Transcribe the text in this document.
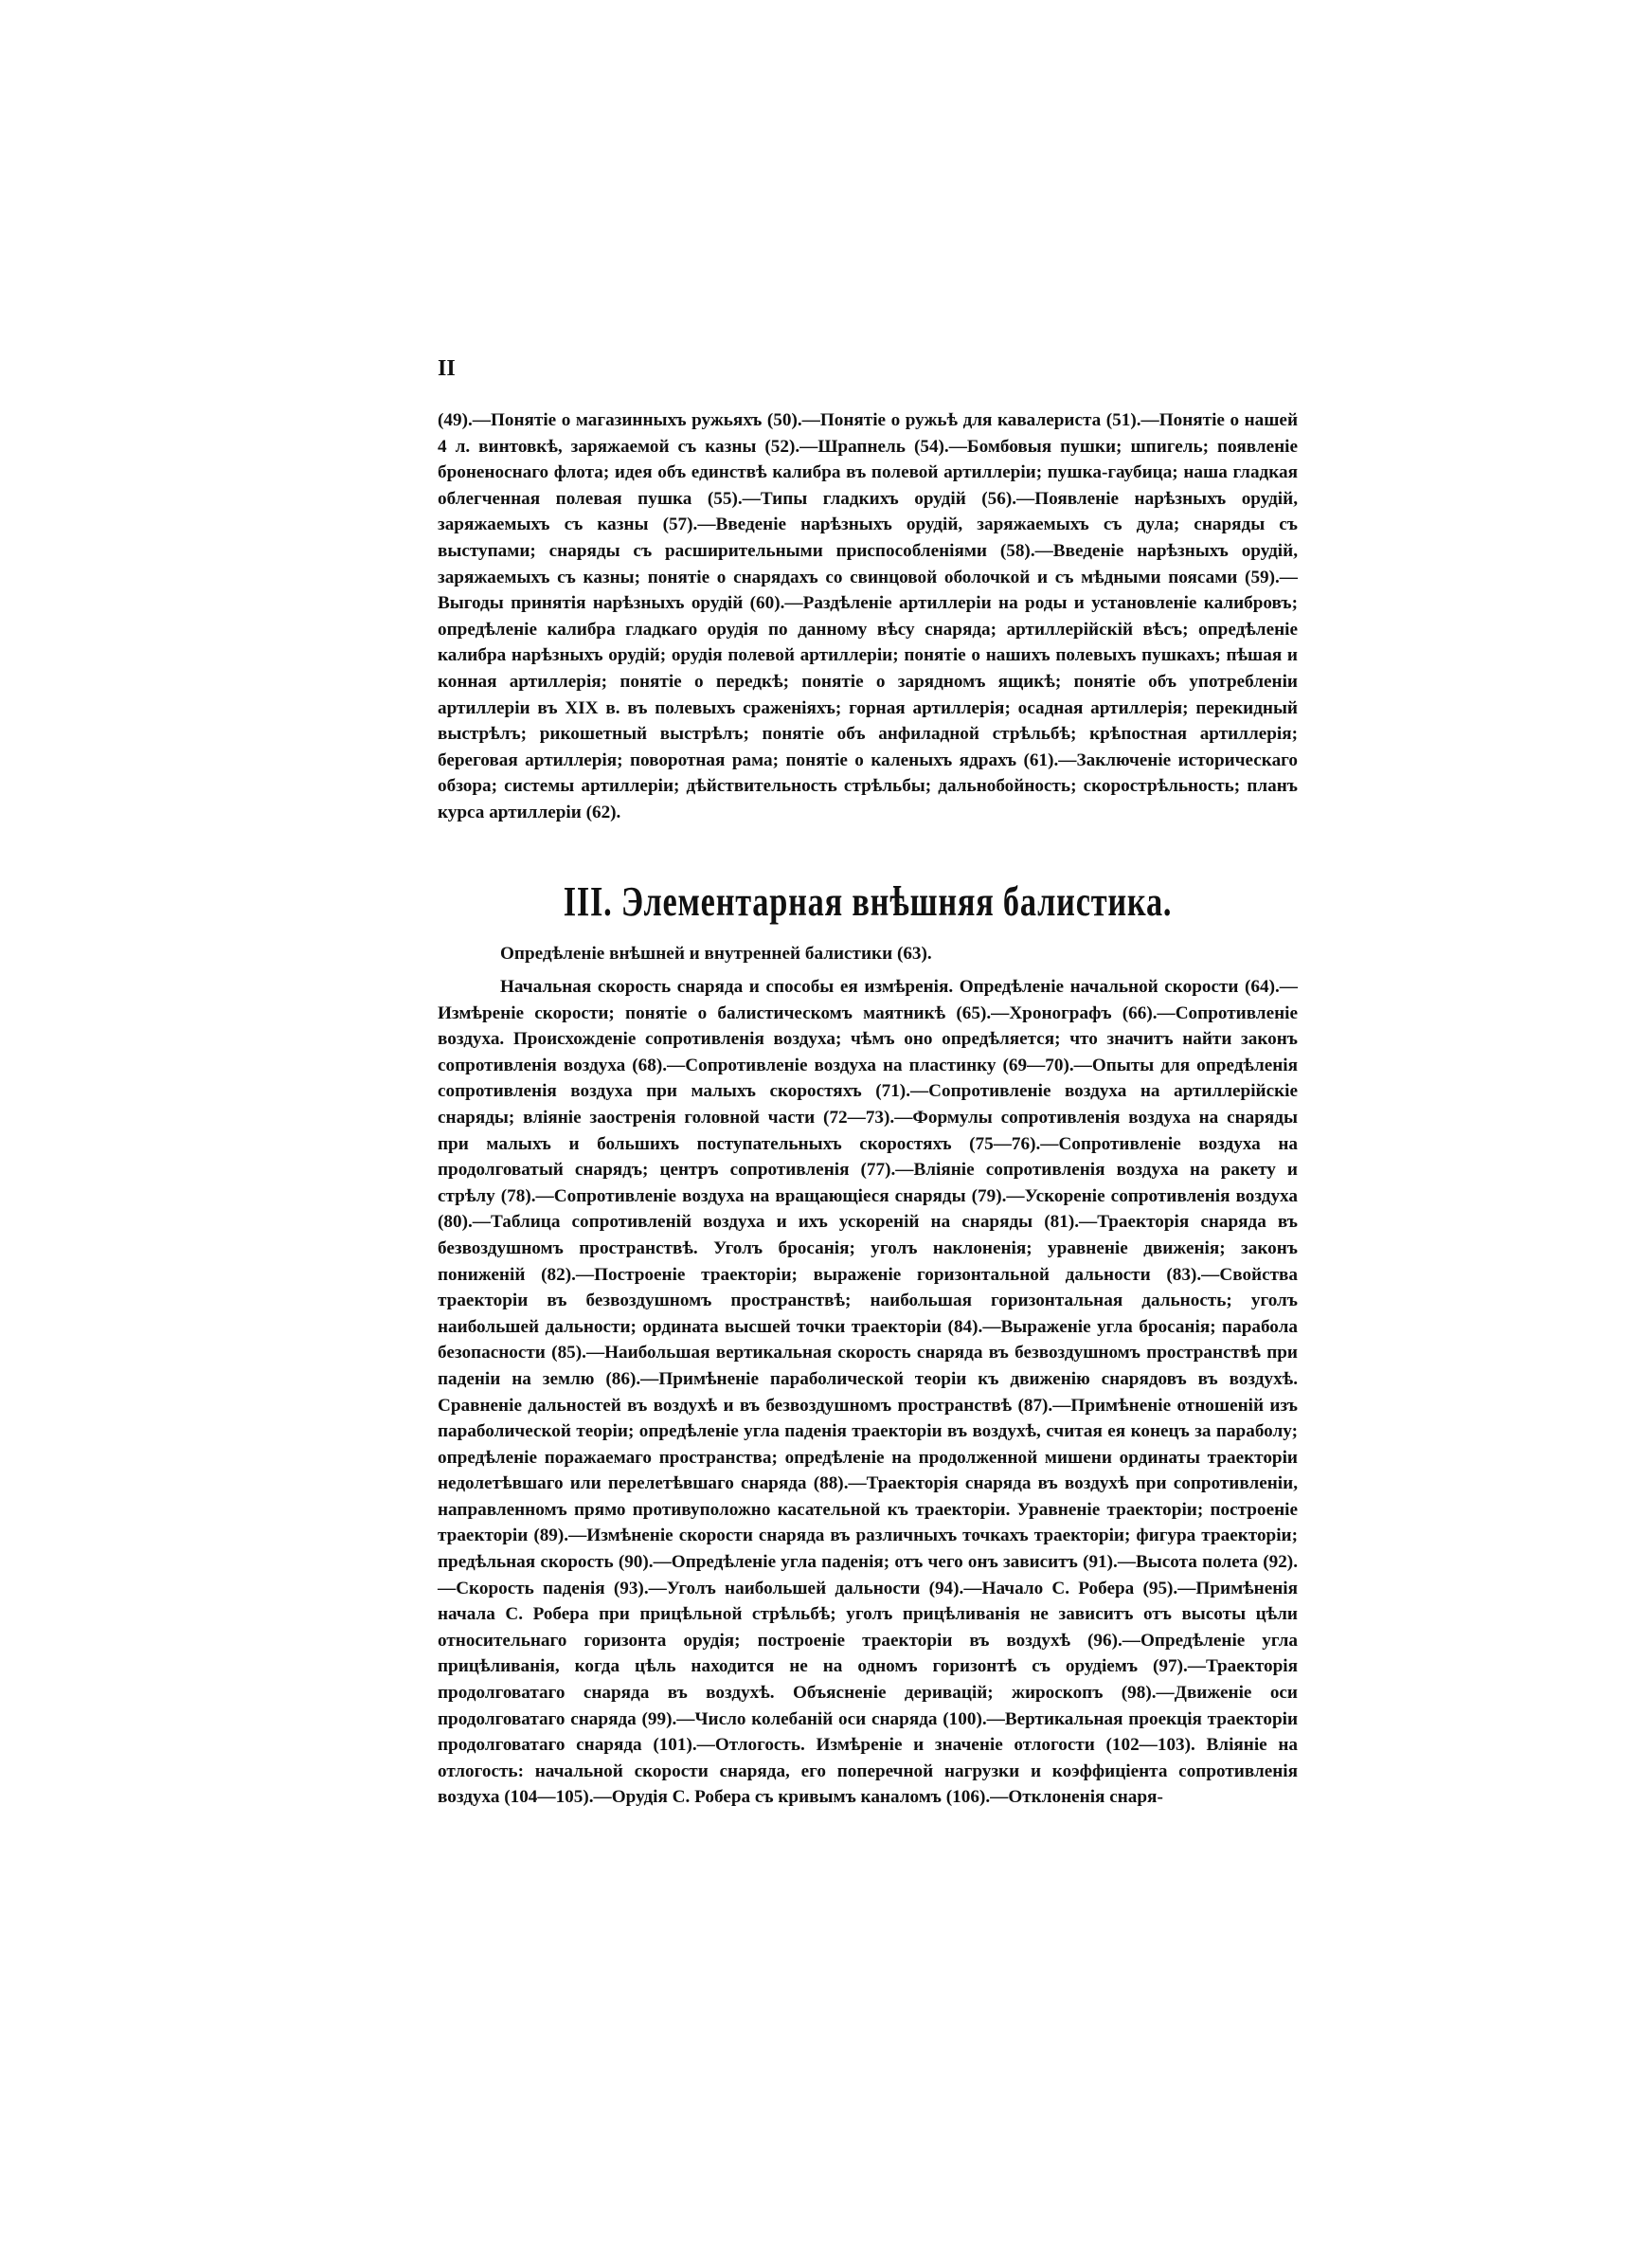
II

(49).—Понятіе о магазинныхъ ружьяхъ (50).—Понятіе о ружьѣ для кавалериста (51).—Понятіе о нашей 4 л. винтовкѣ, заряжаемой съ казны (52).—Шрапнель (54).—Бомбовыя пушки; шпигель; появленіе броненоснаго флота; идея объ единствѣ калибра въ полевой артиллеріи; пушка-гаубица; наша гладкая облегченная полевая пушка (55).—Типы гладкихъ орудій (56).—Появленіе нарѣзныхъ орудій, заряжаемыхъ съ казны (57).—Введеніе нарѣзныхъ орудій, заряжаемыхъ съ дула; снаряды съ выступами; снаряды съ расширительными приспособленіями (58).—Введеніе нарѣзныхъ орудій, заряжаемыхъ съ казны; понятіе о снарядахъ со свинцовой оболочкой и съ мѣдными поясами (59).—Выгоды принятія нарѣзныхъ орудій (60).—Раздѣленіе артиллеріи на роды и установленіе калибровъ; опредѣленіе калибра гладкаго орудія по данному вѣсу снаряда; артиллерійскій вѣсъ; опредѣленіе калибра нарѣзныхъ орудій; орудія полевой артиллеріи; понятіе о нашихъ полевыхъ пушкахъ; пѣшая и конная артиллерія; понятіе о передкѣ; понятіе о зарядномъ ящикѣ; понятіе объ употребленіи артиллеріи въ XIX в. въ полевыхъ сраженіяхъ; горная артиллерія; осадная артиллерія; перекидный выстрѣлъ; рикошетный выстрѣлъ; понятіе объ анфиладной стрѣльбѣ; крѣпостная артиллерія; береговая артиллерія; поворотная рама; понятіе о каленыхъ ядрахъ (61).—Заключеніе историческаго обзора; системы артиллеріи; дѣйствительность стрѣльбы; дальнобойность; скорострѣльность; планъ курса артиллеріи (62).

III. Элементарная внѣшняя балистика.
Опредѣленіе внѣшней и внутренней балистики (63).

Начальная скорость снаряда и способы ея измѣренія. Опредѣленіе начальной скорости (64).—Измѣреніе скорости; понятіе о балистическомъ маятникѣ (65).—Хронографъ (66).—Сопротивленіе воздуха. Происхожденіе сопротивленія воздуха; чѣмъ оно опредѣляется; что значитъ найти законъ сопротивленія воздуха (68).—Сопротивленіе воздуха на пластинку (69—70).—Опыты для опредѣленія сопротивленія воздуха при малыхъ скоростяхъ (71).—Сопротивленіе воздуха на артиллерійскіе снаряды; вліяніе заостренія головной части (72—73).—Формулы сопротивленія воздуха на снаряды при малыхъ и большихъ поступательныхъ скоростяхъ (75—76).—Сопротивленіе воздуха на продолговатый снарядъ; центръ сопротивленія (77).—Вліяніе сопротивленія воздуха на ракету и стрѣлу (78).—Сопротивленіе воздуха на вращающіеся снаряды (79).—Ускореніе сопротивленія воздуха (80).—Таблица сопротивленій воздуха и ихъ ускореній на снаряды (81).—Траекторія снаряда въ безвоздушномъ пространствѣ. Уголъ бросанія; уголъ наклоненія; уравненіе движенія; законъ пониженій (82).—Построеніе траекторіи; выраженіе горизонтальной дальности (83).—Свойства траекторіи въ безвоздушномъ пространствѣ; наибольшая горизонтальная дальность; уголъ наибольшей дальности; ордината высшей точки траекторіи (84).—Выраженіе угла бросанія; парабола безопасности (85).—Наибольшая вертикальная скорость снаряда въ безвоздушномъ пространствѣ при паденіи на землю (86).—Примѣненіе параболической теоріи къ движенію снарядовъ въ воздухѣ. Сравненіе дальностей въ воздухѣ и въ безвоздушномъ пространствѣ (87).—Примѣненіе отношеній изъ параболической теоріи; опредѣленіе угла паденія траекторіи въ воздухѣ, считая ея конецъ за параболу; опредѣленіе поражаемаго пространства; опредѣленіе на продолженной мишени ординаты траекторіи недолетѣвшаго или перелетѣвшаго снаряда (88).—Траекторія снаряда въ воздухѣ при сопротивленіи, направленномъ прямо противуположно касательной къ траекторіи. Уравненіе траекторіи; построеніе траекторіи (89).—Измѣненіе скорости снаряда въ различныхъ точкахъ траекторіи; фигура траекторіи; предѣльная скорость (90).—Опредѣленіе угла паденія; отъ чего онъ зависитъ (91).—Высота полета (92).—Скорость паденія (93).—Уголъ наибольшей дальности (94).—Начало С. Робера (95).—Примѣненія начала С. Робера при прицѣльной стрѣльбѣ; уголъ прицѣливанія не зависитъ отъ высоты цѣли относительнаго горизонта орудія; построеніе траекторіи въ воздухѣ (96).—Опредѣленіе угла прицѣливанія, когда цѣль находится не на одномъ горизонтѣ съ орудіемъ (97).—Траекторія продолговатаго снаряда въ воздухѣ. Объясненіе деривацій; жироскопъ (98).—Движеніе оси продолговатаго снаряда (99).—Число колебаній оси снаряда (100).—Вертикальная проекція траекторіи продолговатаго снаряда (101).—Отлогость. Измѣреніе и значеніе отлогости (102—103). Вліяніе на отлогость: начальной скорости снаряда, его поперечной нагрузки и коэффиціента сопротивленія воздуха (104—105).—Орудія С. Робера съ кривымъ каналомъ (106).—Отклоненія снаря-
